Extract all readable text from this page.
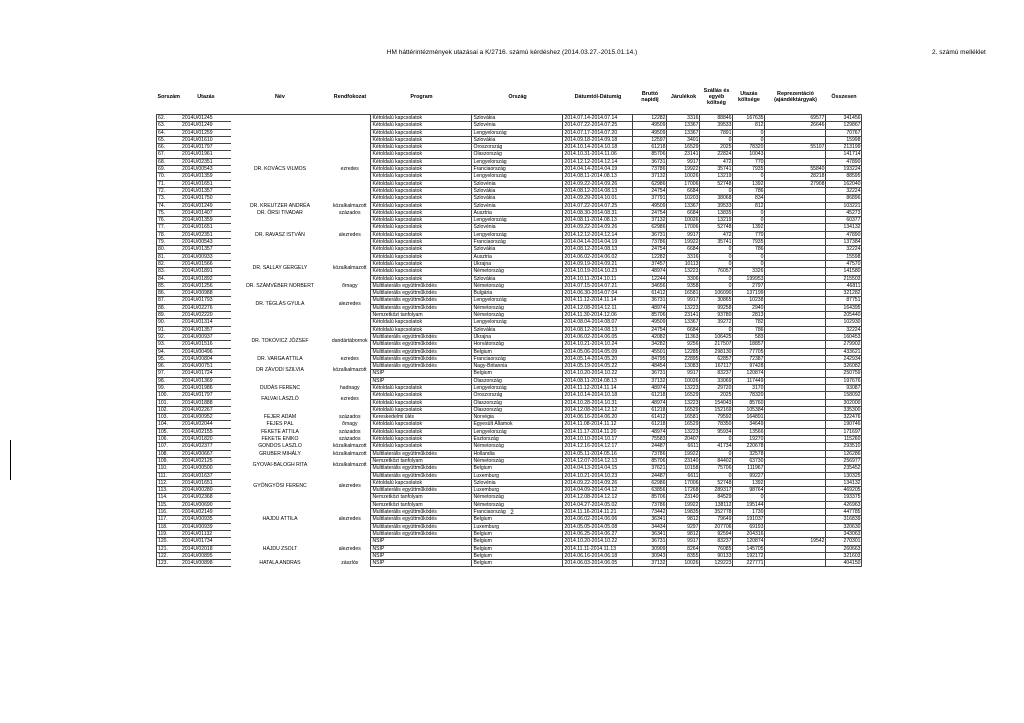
HM háttérintézmények utazásai a K/2716. számú kérdéshez (2014.03.27.-2015.01.14.)	2. számú melléklet
Sorszám	Utazás	Név	Rendfokozat	Program	Ország	Dátumtól-Dátumig	Bruttó napidíj	Járulékok	Szállás és egyéb költség	Utazás költsége	Reprezentáció (ajándéktárgyak)	Összesen
62.	2014U/01245			Kétoldalú kapcsolatok	Szlovákia	2014.07.14-2014.07.14	12282	3316	88846	167635	69577	341456
63.	2014U/01249			Kétoldalú kapcsolatok	Szlovénia	2014.07.22-2014.07.25	49509	13367	39533	812	26646	129867
64.	2014U/01259			Kétoldalú kapcsolatok	Lengyelország	2014.07.17-2014.07.20	49509	13367	7891	0		70767
65.	2014U/01610			Kétoldalú kapcsolatok	Szlovákia	2014.09.18-2014.09.18	12597	3401	0	0		15998
66.	2014U/01797			Kétoldalú kapcsolatok	Oroszország	2014.10.14-2014.10.18	61218	16529	2025	78320	55107	213199
67.	2014U/01961	DR. KOVÁCS VILMOS	ezredes	Kétoldalú kapcsolatok	Olaszország	2014.10.31-2014.11.06	85706	23141	22824	10043		141714
68.	2014U/02351			Kétoldalú kapcsolatok	Lengyelország	2014.12.12-2014.12.14	36731	9917	472	770		47890
69.	2014U/00543			Kétoldalú kapcsolatok	Franciaország	2014.04.14-2014.04.19	73786	19922	35741	7935	55840	193224
70.	2014U/01359			Kétoldalú kapcsolatok	Lengyelország	2014.08.11-2014.08.13	37132	10026	13219	0	28218	88595
71.	2014U/01651			Kétoldalú kapcsolatok	Szlovénia	2014.09.22-2014.09.26	62986	17006	52748	1392	27908	162040
72.	2014U/01357			Kétoldalú kapcsolatok	Szlovákia	2014.08.12-2014.08.13	24754	6684	0	786		32224
73.	2014U/01750			Kétoldalú kapcsolatok	Szlovákia	2014.09.29-2014.10.01	37791	10203	38068	834		86896
74.	2014U/01249	DR. KREUTZER ANDRÉA	közalkalmazott	Kétoldalú kapcsolatok	Szlovénia	2014.07.22-2014.07.25	49509	13367	39533	812		103221
75.	2014U/01407	DR. ÖRSI TIVADAR	százados	Kétoldalú kapcsolatok	Ausztria	2014.08.30-2014.08.31	24754	6684	13835	0		45273
76.	2014U/01359			Kétoldalú kapcsolatok	Lengyelország	2014.08.11-2014.08.13	37132	10026	13219	0		60377
77.	2014U/01651	DR. RAVASZ ISTVÁN	alezredes	Kétoldalú kapcsolatok	Szlovénia	2014.09.22-2014.09.26	62986	17006	52748	1392		134132
78.	2014U/02351			Kétoldalú kapcsolatok	Lengyelország	2014.12.12-2014.12.14	36731	9917	472	770		47890
79.	2014U/00543			Kétoldalú kapcsolatok	Franciaország	2014.04.14-2014.04.19	73786	19922	35741	7935		137384
80.	2014U/01357			Kétoldalú kapcsolatok	Szlovákia	2014.08.12-2014.08.13	24754	6684	0	786		32224
81.	2014U/00933			Kétoldalú kapcsolatok	Ausztria	2014.06.02-2014.06.02	12282	3316	0	0		15598
82.	2014U/01566	DR. SALLAY GERGELY	közalkalmazott	Kétoldalú kapcsolatok	Ukrajna	2014.09.19-2014.09.21	37457	10113	0	0		47570
83.	2014U/01891			Kétoldalú kapcsolatok	Németország	2014.10.19-2014.10.23	48974	13223	76057	3326		141580
84.	2014U/01892			Kétoldalú kapcsolatok	Szlovákia	2014.10.11-2014.10.11	12244	3306	0	199953		215503
85.	2014U/01256	DR. SZÁMVÉBER NORBERT	őrnagy	Multilaterális együttműködés	Németország	2014.07.15-2014.07.21	34656	9358	0	2797		46811
86.	2014U/00988			Multilaterális együttműködés	Bulgária	2014.06.30-2014.07.04	61412	16581	106090	137199		321282
87.	2014U/01793	DR. TÉGLÁS GYULA	alezredes	Multilaterális együttműködés	Lengyelország	2014.11.12-2014.11.14	36731	9917	30865	10238		87751
88.	2014U/02276			Multilaterális együttműködés	Németország	2014.12.08-2014.12.11	48974	13223	99258	2940		164395
89.	2014U/02220			Nemzetközi tanfolyam	Németország	2014.11.30-2014.12.06	85706	23141	93780	2813		205440
90.	2014U/01314			Kétoldalú kapcsolatok	Lengyelország	2014.08.04-2014.08.07	49509	13367	39272	782		102930
91.	2014U/01357			Kétoldalú kapcsolatok	Szlovákia	2014.08.12-2014.08.13	24754	6684	0	786		32224
92.	2014U/00937	DR. TOKOVICZ JÓZSEF	dandártábornok	Multilaterális együttműködés	Ukrajna	2014.06.02-2014.06.05	42082	11363	106425	583		160453
93.	2014U/01516			Multilaterális együttműködés	Horvátország	2014.10.21-2014.10.24	34282	9256	217507	18857		279902
94.	2014U/00496			Multilaterális együttműködés	Belgium	2014.05.06-2014.05.09	45501	12285	298130	77705		433621
95.	2014U/00804	DR. VARGA ATTILA	ezredes	Multilaterális együttműködés	Franciaország	2014.05.14-2014.05.20	84795	22895	62857	72387		242934
96.	2014U/00751	DR ZÁVODI SZILVIA	közalkalmazott	Multilaterális együttműködés	Nagy-Britannia	2014.05.19-2014.05.22	48454	13083	167117	97428		326082
97.	2014U/01724			NSIP	Belgium	2014.10.20-2014.10.22	36731	9917	83237	120874		250759
98.	2014U/01369			NSIP	Olaszország	2014.08.11-2014.08.13	37132	10026	33069	117449		197676
99.	2014U/01986	DUDÁS FERENC	hadnagy	Kétoldalú kapcsolatok	Lengyelország	2014.11.12-2014.11.14	48974	13223	29720	3170		93087
100.	2014U/01797	FALVAI LÁSZLÓ	ezredes	Kétoldalú kapcsolatok	Oroszország	2014.10.14-2014.10.18	61218	16529	2025	78320		158092
101.	2014U/01888			Kétoldalú kapcsolatok	Olaszország	2014.10.28-2014.10.31	48974	13223	154043	85760		302000
102.	2014U/02267			Kétoldalú kapcsolatok	Olaszország	2014.12.08-2014.12.12	61218	16529	152169	105384		335300
103.	2014U/00952	FEJÉR ÁDÁM	százados	Kereskedelmi ülés	Norvégia	2014.06.16-2014.06.20	61412	16581	79592	164891		322476
104.	2014U/02044	FEJES PÁL	őrnagy	Kétoldalú kapcsolatok	Egyesült Államok	2014.11.08-2014.11.12	61218	16529	78350	34649		190746
105.	2014U/02155	FEKETE ATTILA	százados	Kétoldalú kapcsolatok	Lengyelország	2014.11.17-2014.11.20	48974	13223	95934	13566		171697
106.	2014U/01820	FEKETE ENIKŐ	százados	Kétoldalú kapcsolatok	Észtország	2014.10.10-2014.10.17	75583	20407	0	19270		115260
107.	2014U/02377	GONDOS LÁSZLÓ	közalkalmazott	Kétoldalú kapcsolatok	Németország	2014.12.16-2014.12.17	24487	6611	41734	220678		293510
108.	2014U/00667	GRUBER MIHÁLY	közalkalmazott	Multilaterális együttműködés	Hollandia	2014.05.11-2014.05.16	73786	19922	0	32578		126286
109.	2014U/02125	GYOVAI-BALOGH RITA	közalkalmazott	Nemzetközi tanfolyam	Németország	2014.12.07-2014.12.13	85706	23140	84402	63730		256977
110.	2014U/00500			Multilaterális együttműködés	Belgium	2014.04.13-2014.04.15	37621	10158	75706	111967		235452
111.	2014U/01637	GYÖNGYÖSI FERENC	alezredes	Multilaterális együttműködés	Luxemburg	2014.10.21-2014.10.23	24487	6611	0	99227		130325
112.	2014U/01651			Kétoldalú kapcsolatok	Szlovénia	2014.09.22-2014.09.26	62986	17006	52748	1392		134132
113.	2014U/00280			Multilaterális együttműködés	Luxemburg	2014.04.09-2014.04.12	63856	17268	289317	98764		469205
114.	2014U/02368			Nemzetközi tanfolyam	Németország	2014.12.08-2014.12.12	85706	23140	84529	0		193375
115.	2014U/00690			Nemzetközi tanfolyam	Németország	2014.04.27-2014.05.02	73786	19922	138112	195144		426963
116.	2014U/02149	HAJDU ATTILA	alezredes	Multilaterális együttműködés	Franciaország	2014.11.16-2014.11.21	73442	19835	352778	1730		447785
117.	2014U/00935			Multilaterális együttműködés	Belgium	2014.06.02-2014.06.06	36341	9812	79649	191037		316839
118.	2014U/00939			Multilaterális együttműködés	Luxemburg	2014.05.05-2014.05.08	34434	9297	207706	69193		320630
119.	2014U/01132			Multilaterális együttműködés	Belgium	2014.06.25-2014.06.27	36341	9812	92594	204316		343063
120.	2014U/01734	HAJDU ZSOLT	alezredes	NSIP	Belgium	2014.10.20-2014.10.22	36731	9917	83237	120874	19542	270301
121.	2014U/02018			NSIP	Belgium	2014.11.11-2014.11.13	30909	8264	76085	145705		260663
122.	2014U/00895			NSIP	Belgium	2014.06.16-2014.06.18	30943	8355	90133	192172		321603
123.	2014U/00898	HATALA ANDRÁS	zászlós	NSIP	Belgium	2014.06.03-2014.06.05	37132	10026	129223	227771		404150
2
